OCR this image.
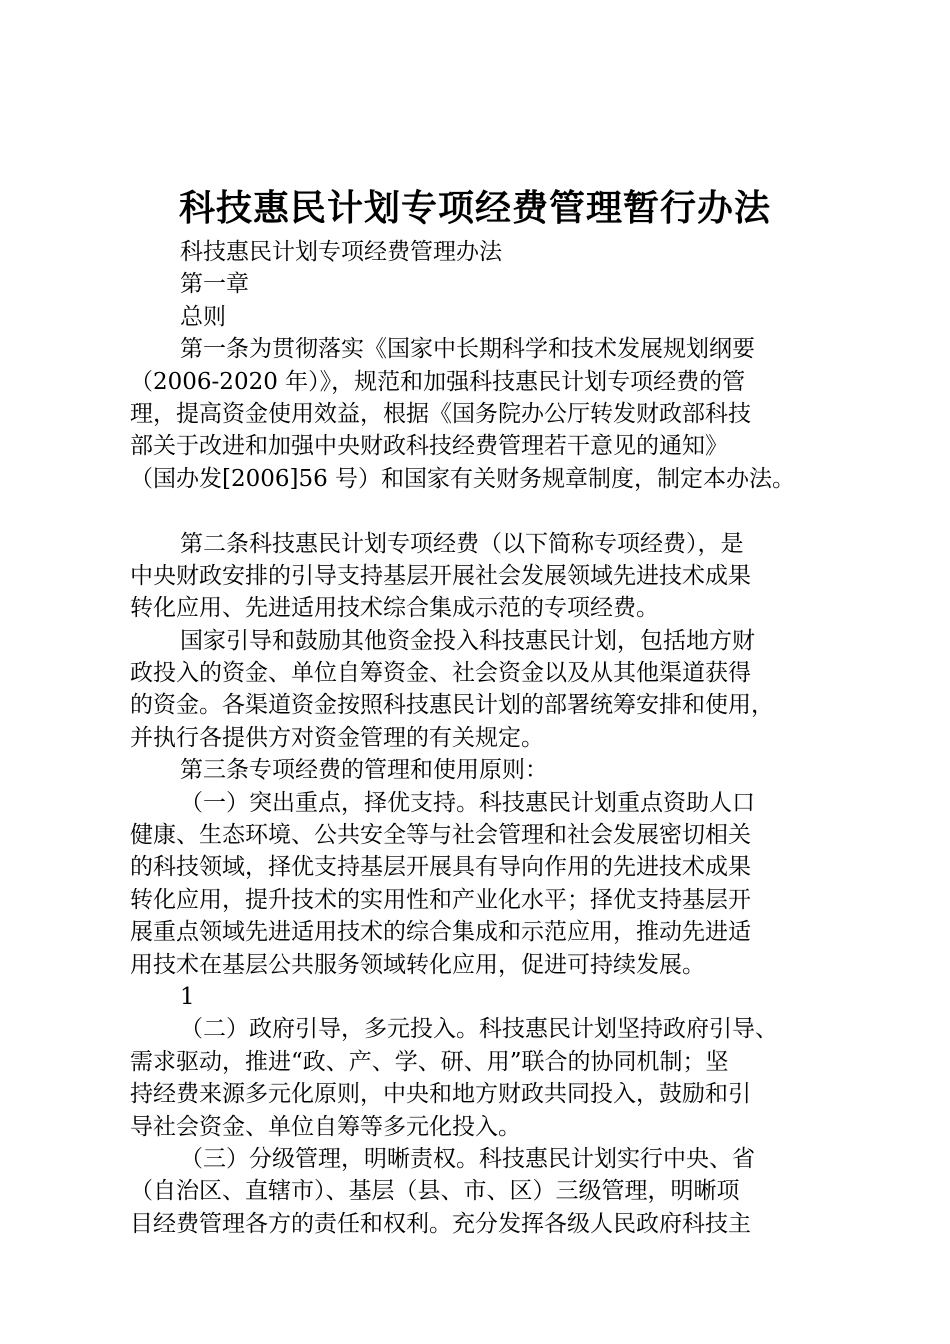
科技惠民计划专项经费管理暂行办法
科技惠民计划专项经费管理办法
第一章
总则
第一条为贯彻落实《国家中长期科学和技术发展规划纲要
（2006-2020 年）》，规范和加强科技惠民计划专项经费的管
理，提高资金使用效益，根据《国务院办公厅转发财政部科技
部关于改进和加强中央财政科技经费管理若干意见的通知》
（国办发[2006]56 号）和国家有关财务规章制度，制定本办法。
第二条科技惠民计划专项经费（以下简称专项经费），是
中央财政安排的引导支持基层开展社会发展领域先进技术成果
转化应用、先进适用技术综合集成示范的专项经费。
国家引导和鼓励其他资金投入科技惠民计划，包括地方财
政投入的资金、单位自筹资金、社会资金以及从其他渠道获得
的资金。各渠道资金按照科技惠民计划的部署统筹安排和使用，
并执行各提供方对资金管理的有关规定。
第三条专项经费的管理和使用原则：
（一）突出重点，择优支持。科技惠民计划重点资助人口
健康、生态环境、公共安全等与社会管理和社会发展密切相关
的科技领域，择优支持基层开展具有导向作用的先进技术成果
转化应用，提升技术的实用性和产业化水平；择优支持基层开
展重点领域先进适用技术的综合集成和示范应用，推动先进适
用技术在基层公共服务领域转化应用，促进可持续发展。
1
（二）政府引导，多元投入。科技惠民计划坚持政府引导、
需求驱动，推进“政、产、学、研、用”联合的协同机制；坚
持经费来源多元化原则，中央和地方财政共同投入，鼓励和引
导社会资金、单位自筹等多元化投入。
（三）分级管理，明晰责权。科技惠民计划实行中央、省
（自治区、直辖市）、基层（县、市、区）三级管理，明晰项
目经费管理各方的责任和权利。充分发挥各级人民政府科技主
